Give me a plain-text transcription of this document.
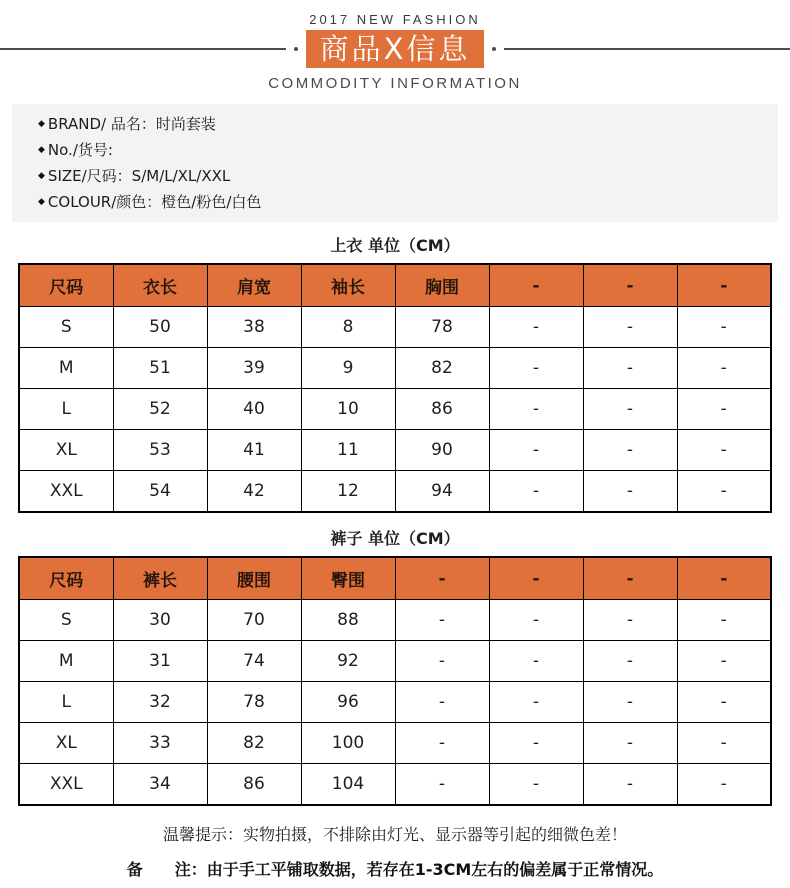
2017 NEW FASHION
商品X信息
COMMODITY INFORMATION
◆ BRAND/ 品名：时尚套装
◆ No./货号:
◆ SIZE/尺码：S/M/L/XL/XXL
◆ COLOUR/颜色：橙色/粉色/白色
上衣 单位（CM）
尺码	衣长	肩宽	袖长	胸围	-	-	-
S	50	38	8	78	-	-	-
M	51	39	9	82	-	-	-
L	52	40	10	86	-	-	-
XL	53	41	11	90	-	-	-
XXL	54	42	12	94	-	-	-
裤子 单位（CM）
尺码	裤长	腰围	臀围	-	-	-	-
S	30	70	88	-	-	-	-
M	31	74	92	-	-	-	-
L	32	78	96	-	-	-	-
XL	33	82	100	-	-	-	-
XXL	34	86	104	-	-	-	-
温馨提示：实物拍摄，不排除由灯光、显示器等引起的细微色差！
备　　注：由于手工平铺取数据，若存在1-3CM左右的偏差属于正常情况。
